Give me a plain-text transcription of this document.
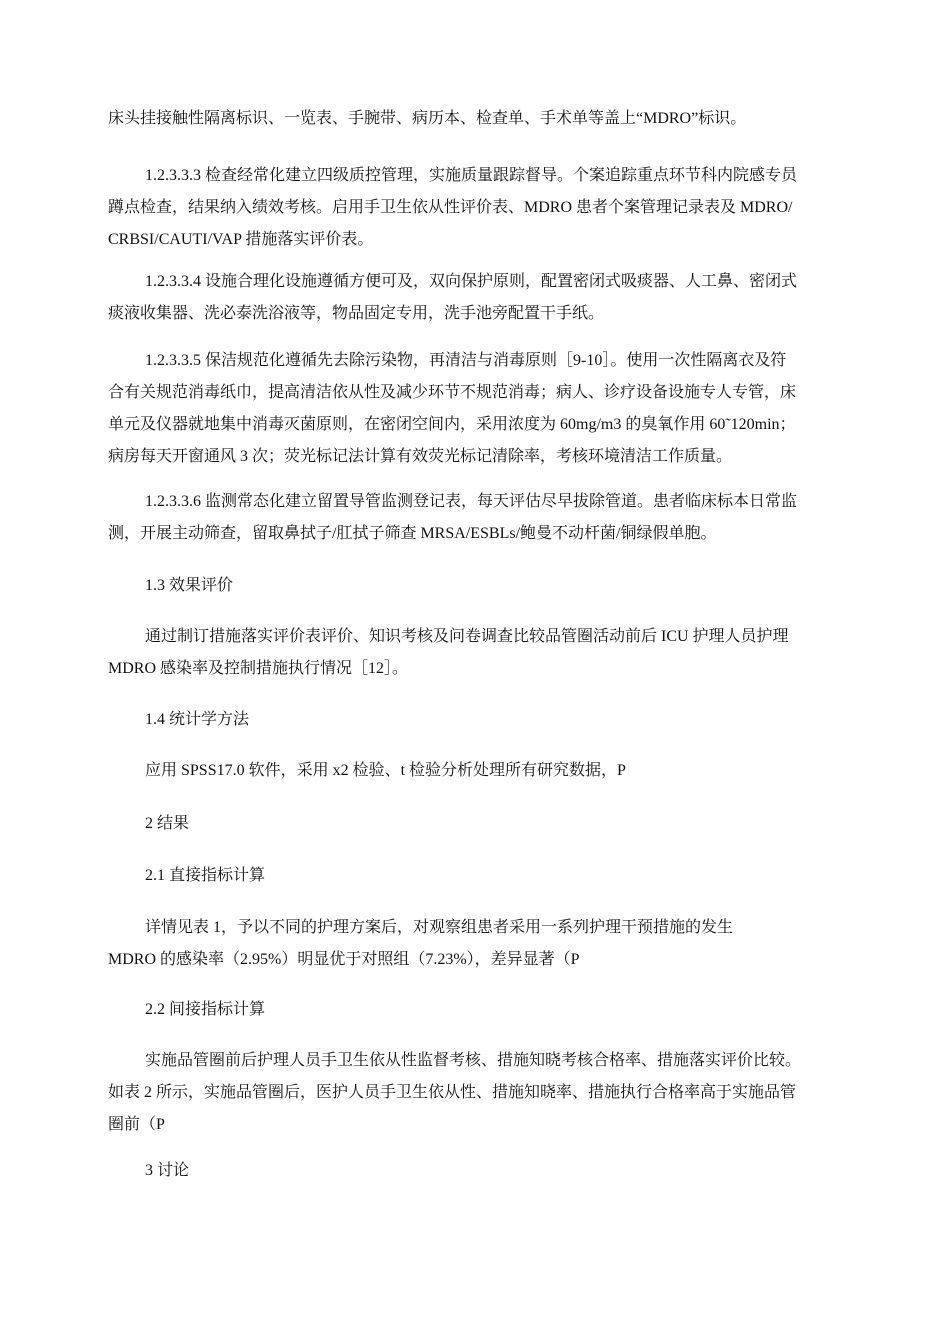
床头挂接触性隔离标识、一览表、手腕带、病历本、检查单、手术单等盖上“MDRO”标识。
1.2.3.3.3 检查经常化建立四级质控管理，实施质量跟踪督导。个案追踪重点环节科内院感专员
蹲点检查，结果纳入绩效考核。启用手卫生依从性评价表、MDRO 患者个案管理记录表及 MDRO/
CRBSI/CAUTI/VAP 措施落实评价表。
1.2.3.3.4 设施合理化设施遵循方便可及，双向保护原则，配置密闭式吸痰器、人工鼻、密闭式
痰液收集器、洗必泰洗浴液等，物品固定专用，洗手池旁配置干手纸。
1.2.3.3.5 保洁规范化遵循先去除污染物，再清洁与消毒原则［9-10］。使用一次性隔离衣及符
合有关规范消毒纸巾，提高清洁依从性及减少环节不规范消毒；病人、诊疗设备设施专人专管，床
单元及仪器就地集中消毒灭菌原则，在密闭空间内，采用浓度为 60mg/m3 的臭氧作用 60˜120min；
病房每天开窗通风 3 次；荧光标记法计算有效荧光标记清除率，考核环境清洁工作质量。
1.2.3.3.6 监测常态化建立留置导管监测登记表，每天评估尽早拔除管道。患者临床标本日常监
测，开展主动筛查，留取鼻拭子/肛拭子筛查 MRSA/ESBLs/鲍曼不动杆菌/铜绿假单胞。
1.3 效果评价
通过制订措施落实评价表评价、知识考核及问卷调查比较品管圈活动前后 ICU 护理人员护理
MDRO 感染率及控制措施执行情况［12］。
1.4 统计学方法
应用 SPSS17.0 软件，采用 x2 检验、t 检验分析处理所有研究数据，P
2 结果
2.1 直接指标计算
详情见表 1，予以不同的护理方案后，对观察组患者采用一系列护理干预措施的发生
MDRO 的感染率（2.95%）明显优于对照组（7.23%），差异显著（P
2.2 间接指标计算
实施品管圈前后护理人员手卫生依从性监督考核、措施知晓考核合格率、措施落实评价比较。
如表 2 所示，实施品管圈后，医护人员手卫生依从性、措施知晓率、措施执行合格率高于实施品管
圈前（P
3 讨论
